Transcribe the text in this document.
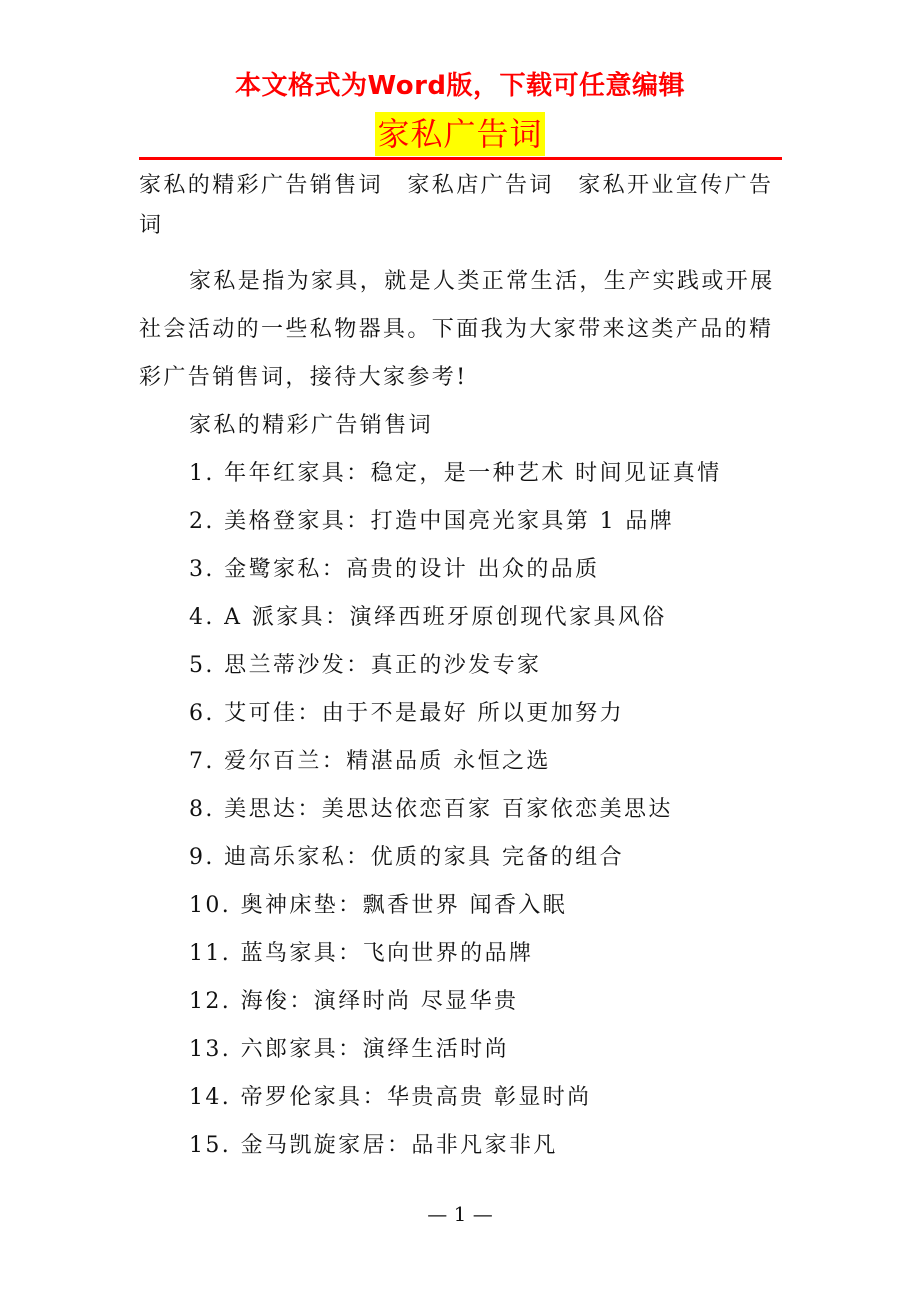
本文格式为Word版，下载可任意编辑
家私广告词

家私的精彩广告销售词　家私店广告词　家私开业宣传广告词

家私是指为家具，就是人类正常生活，生产实践或开展社会活动的一些私物器具。下面我为大家带来这类产品的精彩广告销售词，接待大家参考!

家私的精彩广告销售词

1. 年年红家具：稳定，是一种艺术 时间见证真情
2. 美格登家具：打造中国亮光家具第 1 品牌
3. 金鹭家私：高贵的设计 出众的品质
4. A 派家具：演绎西班牙原创现代家具风俗
5. 思兰蒂沙发：真正的沙发专家
6. 艾可佳：由于不是最好 所以更加努力
7. 爱尔百兰：精湛品质 永恒之选
8. 美思达：美思达依恋百家 百家依恋美思达
9. 迪高乐家私：优质的家具 完备的组合
10. 奥神床垫：飘香世界 闻香入眠
11. 蓝鸟家具：飞向世界的品牌
12. 海俊：演绎时尚 尽显华贵
13. 六郎家具：演绎生活时尚
14. 帝罗伦家具：华贵高贵 彰显时尚
15. 金马凯旋家居：品非凡家非凡
— 1 —
